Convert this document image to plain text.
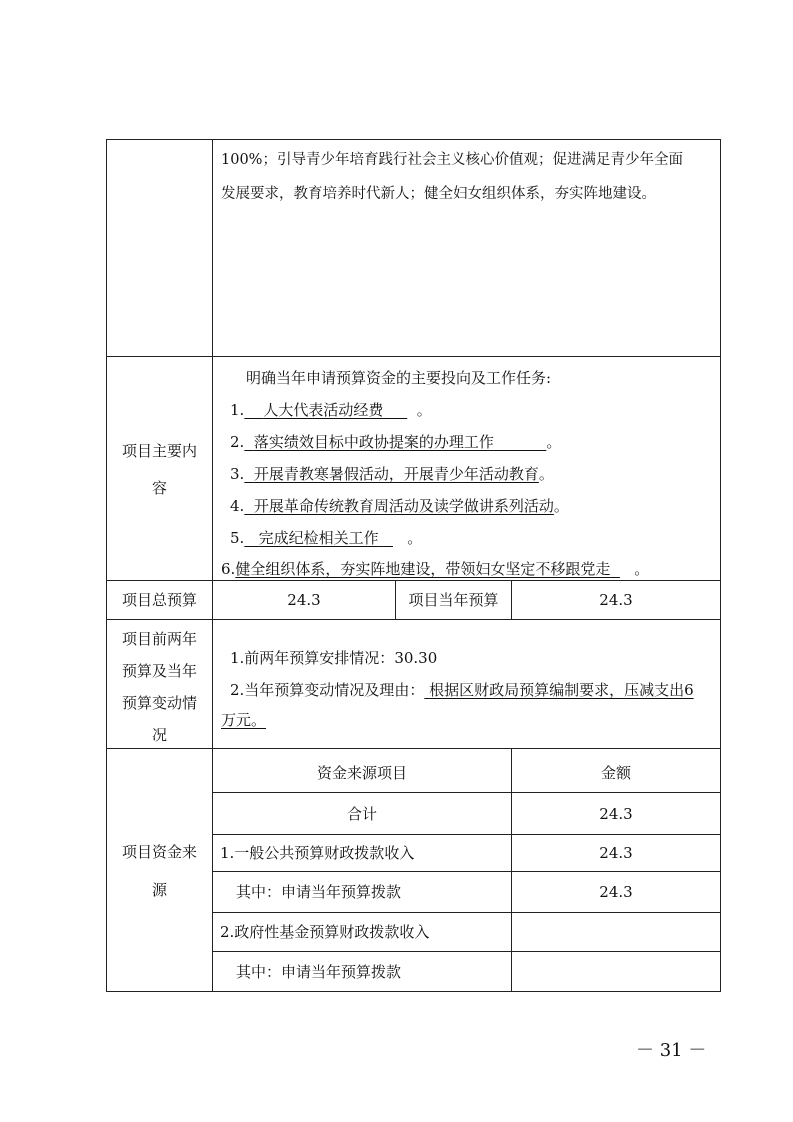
100%；引导青少年培育践行社会主义核心价值观；促进满足青少年全面
发展要求，教育培养时代新人；健全妇女组织体系，夯实阵地建设。
项目主要内
容
明确当年申请预算资金的主要投向及工作任务:
1. 人大代表活动经费 。
2. 落实绩效目标中政协提案的办理工作	。
3. 开展青教寒暑假活动，开展青少年活动教育。
4. 开展革命传统教育周活动及读学做讲系列活动。
5. 完成纪检相关工作 。
6.健全组织体系，夯实阵地建设，带领妇女坚定不移跟党走 。
项目总预算	24.3	项目当年预算	24.3
项目前两年
预算及当年
预算变动情
况
1.前两年预算安排情况：30.30
2.当年预算变动情况及理由： 根据区财政局预算编制要求，压减支出6
万元。
项目资金来
源
资金来源项目	金额
合计	24.3
1.一般公共预算财政拨款收入	24.3
其中：申请当年预算拨款	24.3
2.政府性基金预算财政拨款收入
其中：申请当年预算拨款
－ 31 －
